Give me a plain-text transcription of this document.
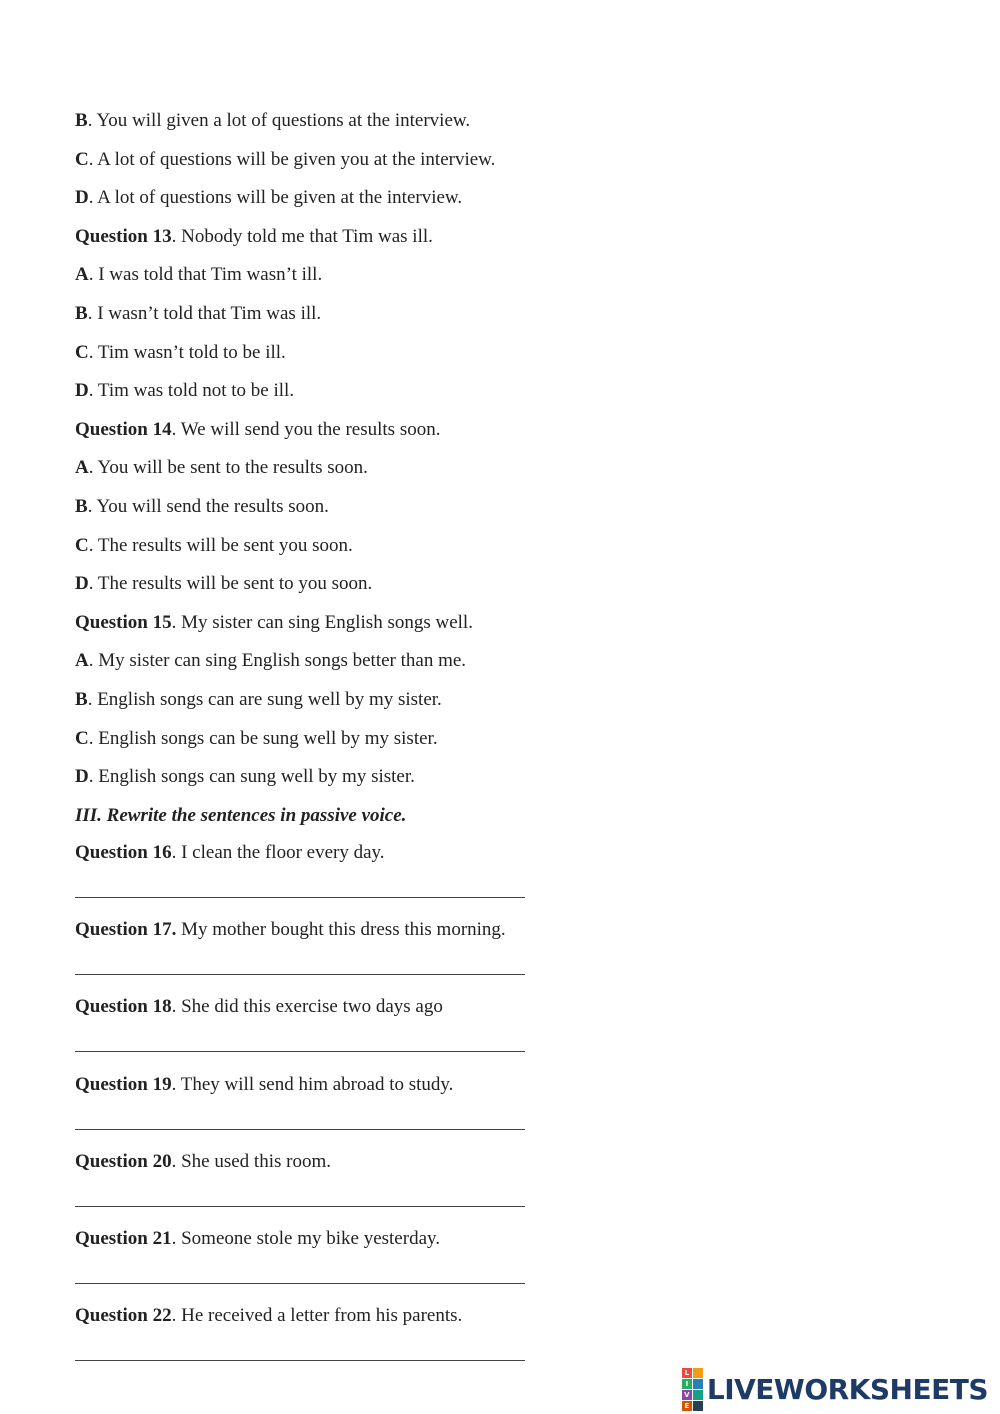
B. You will given a lot of questions at the interview.

C. A lot of questions will be given you at the interview.

D. A lot of questions will be given at the interview.

Question 13. Nobody told me that Tim was ill.

A. I was told that Tim wasn’t ill.

B. I wasn’t told that Tim was ill.

C. Tim wasn’t told to be ill.

D. Tim was told not to be ill.

Question 14. We will send you the results soon.

A. You will be sent to the results soon.

B. You will send the results soon.

C. The results will be sent you soon.

D. The results will be sent to you soon.

Question 15. My sister can sing English songs well.

A. My sister can sing English songs better than me.

B. English songs can are sung well by my sister.

C. English songs can be sung well by my sister.

D. English songs can sung well by my sister.

III. Rewrite the sentences in passive voice.

Question 16. I clean the floor every day.

Question 17. My mother bought this dress this morning.

Question 18. She did this exercise two days ago

Question 19. They will send him abroad to study.

Question 20. She used this room.

Question 21. Someone stole my bike yesterday.

Question 22. He received a letter from his parents.

L
I
V
E LIVEWORKSHEETS
